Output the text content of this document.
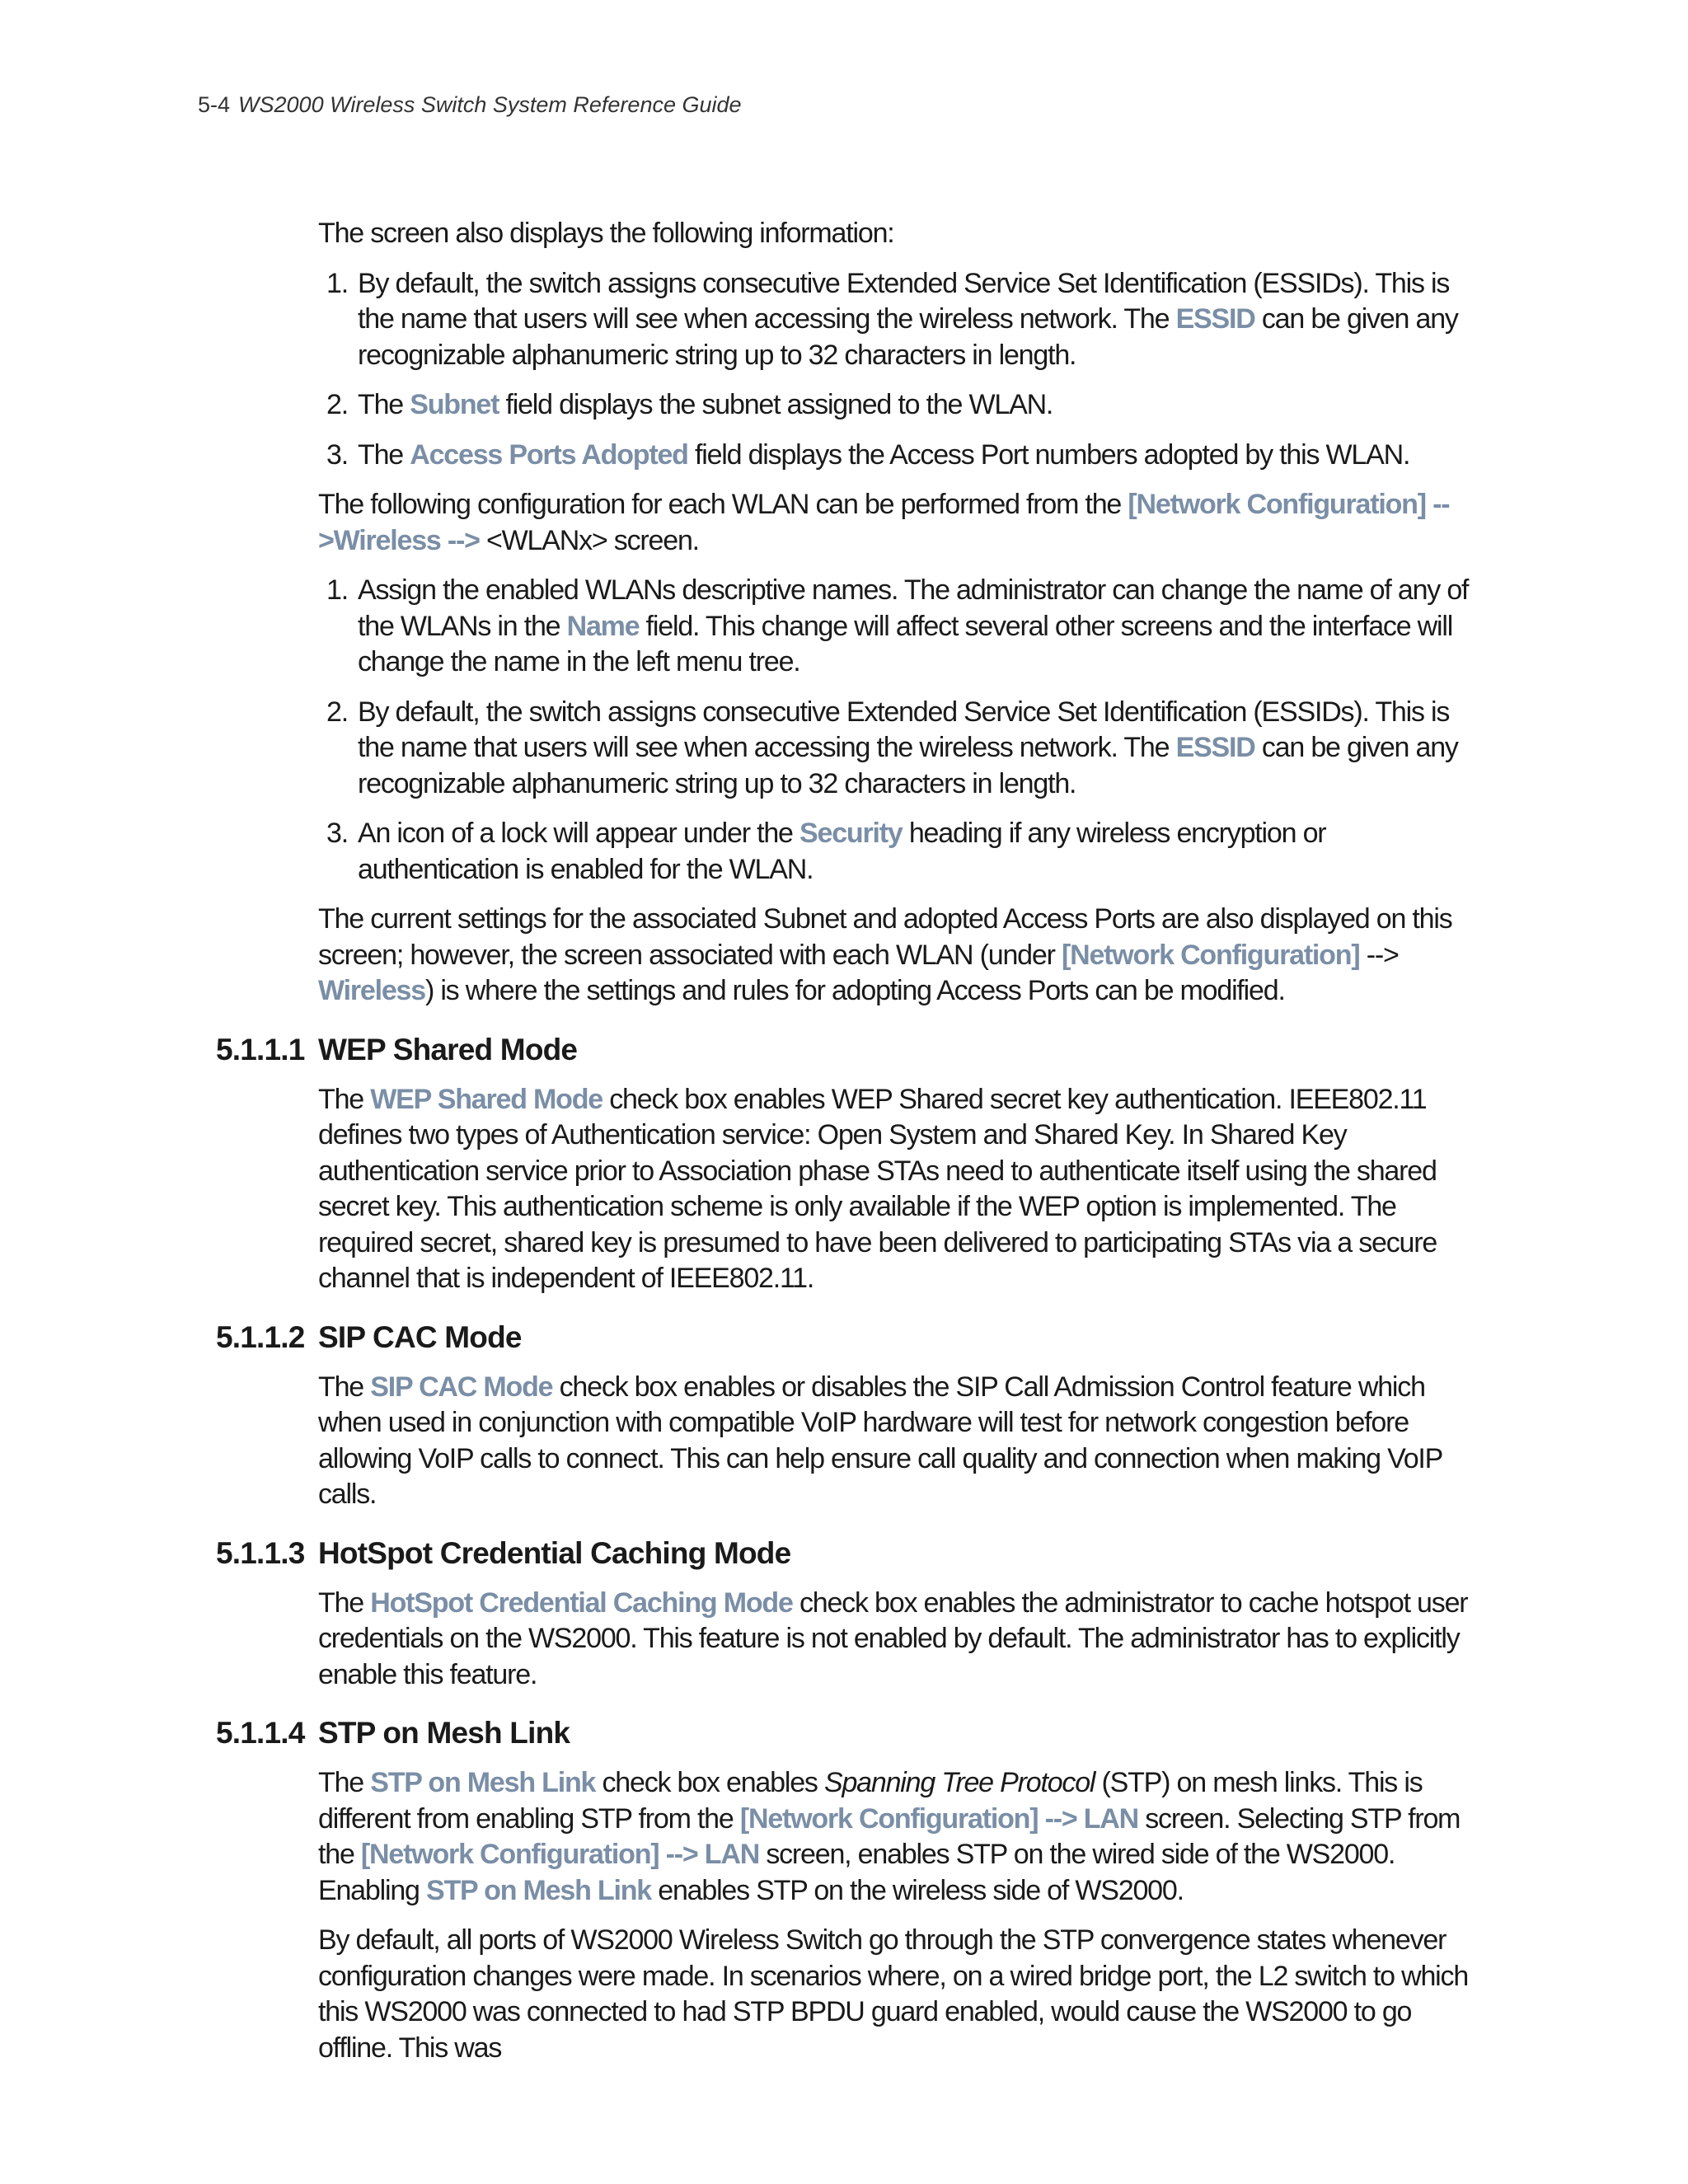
5-4 WS2000 Wireless Switch System Reference Guide

The screen also displays the following information:

1. By default, the switch assigns consecutive Extended Service Set Identification (ESSIDs). This is the name that users will see when accessing the wireless network. The ESSID can be given any recognizable alphanumeric string up to 32 characters in length.
2. The Subnet field displays the subnet assigned to the WLAN.
3. The Access Ports Adopted field displays the Access Port numbers adopted by this WLAN.

The following configuration for each WLAN can be performed from the [Network Configuration] -->Wireless --> <WLANx> screen.

1. Assign the enabled WLANs descriptive names. The administrator can change the name of any of the WLANs in the Name field. This change will affect several other screens and the interface will change the name in the left menu tree.
2. By default, the switch assigns consecutive Extended Service Set Identification (ESSIDs). This is the name that users will see when accessing the wireless network. The ESSID can be given any recognizable alphanumeric string up to 32 characters in length.
3. An icon of a lock will appear under the Security heading if any wireless encryption or authentication is enabled for the WLAN.

The current settings for the associated Subnet and adopted Access Ports are also displayed on this screen; however, the screen associated with each WLAN (under [Network Configuration] --> Wireless) is where the settings and rules for adopting Access Ports can be modified.

5.1.1.1 WEP Shared Mode

The WEP Shared Mode check box enables WEP Shared secret key authentication. IEEE802.11 defines two types of Authentication service: Open System and Shared Key. In Shared Key authentication service prior to Association phase STAs need to authenticate itself using the shared secret key. This authentication scheme is only available if the WEP option is implemented. The required secret, shared key is presumed to have been delivered to participating STAs via a secure channel that is independent of IEEE802.11.

5.1.1.2 SIP CAC Mode

The SIP CAC Mode check box enables or disables the SIP Call Admission Control feature which when used in conjunction with compatible VoIP hardware will test for network congestion before allowing VoIP calls to connect. This can help ensure call quality and connection when making VoIP calls.

5.1.1.3 HotSpot Credential Caching Mode

The HotSpot Credential Caching Mode check box enables the administrator to cache hotspot user credentials on the WS2000. This feature is not enabled by default. The administrator has to explicitly enable this feature.

5.1.1.4 STP on Mesh Link

The STP on Mesh Link check box enables Spanning Tree Protocol (STP) on mesh links. This is different from enabling STP from the [Network Configuration] --> LAN screen. Selecting STP from the [Network Configuration] --> LAN screen, enables STP on the wired side of the WS2000. Enabling STP on Mesh Link enables STP on the wireless side of WS2000.

By default, all ports of WS2000 Wireless Switch go through the STP convergence states whenever configuration changes were made. In scenarios where, on a wired bridge port, the L2 switch to which this WS2000 was connected to had STP BPDU guard enabled, would cause the WS2000 to go offline. This was
